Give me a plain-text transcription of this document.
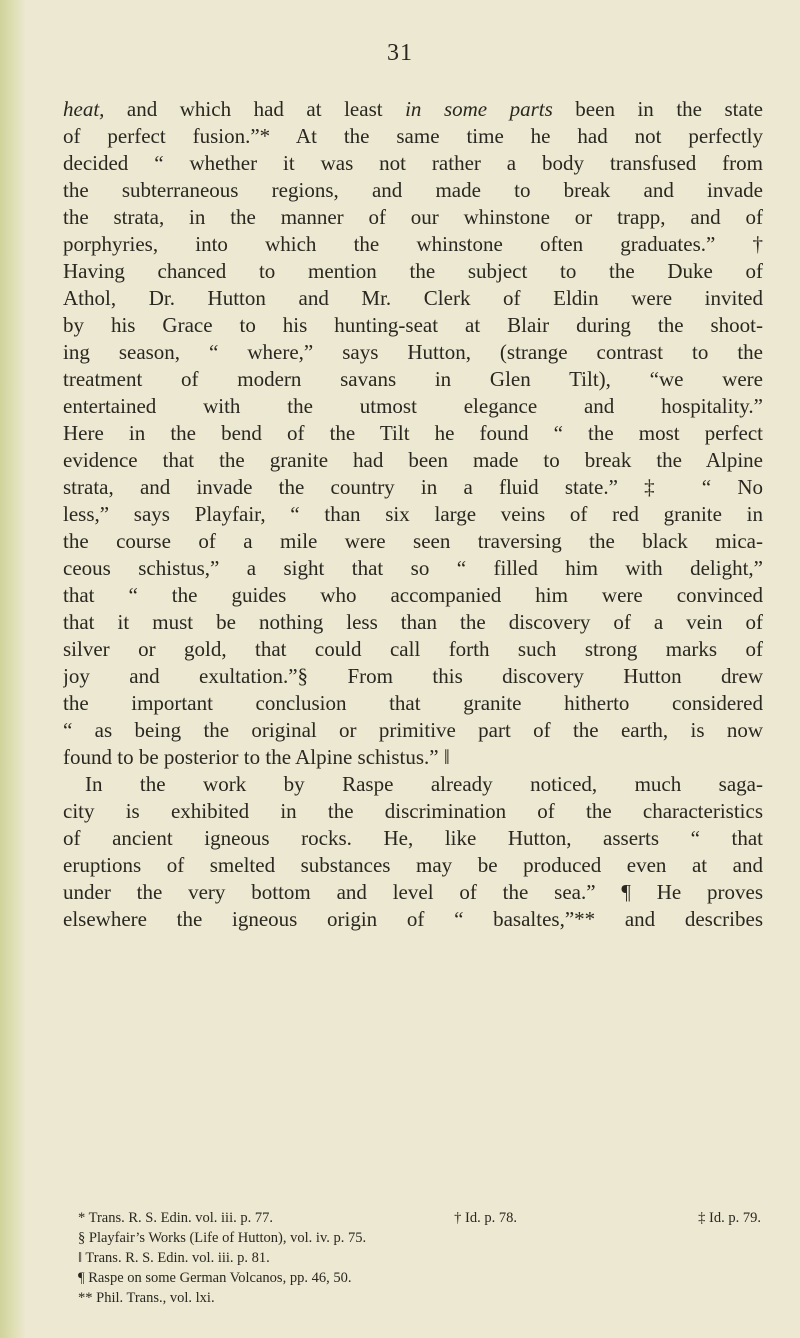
31
heat, and which had at least in some parts been in the state
of perfect fusion.”* At the same time he had not perfectly
decided “ whether it was not rather a body transfused from
the subterraneous regions, and made to break and invade
the strata, in the manner of our whinstone or trapp, and of
porphyries, into which the whinstone often graduates.” †
Having chanced to mention the subject to the Duke of
Athol, Dr. Hutton and Mr. Clerk of Eldin were invited
by his Grace to his hunting-seat at Blair during the shoot-
ing season, “ where,” says Hutton, (strange contrast to the
treatment of modern savans in Glen Tilt), “we were
entertained with the utmost elegance and hospitality.”
Here in the bend of the Tilt he found “ the most perfect
evidence that the granite had been made to break the Alpine
strata, and invade the country in a fluid state.” ‡ “ No
less,” says Playfair, “ than six large veins of red granite in
the course of a mile were seen traversing the black mica-
ceous schistus,” a sight that so “ filled him with delight,”
that “ the guides who accompanied him were convinced
that it must be nothing less than the discovery of a vein of
silver or gold, that could call forth such strong marks of
joy and exultation.”§ From this discovery Hutton drew
the important conclusion that granite hitherto considered
“ as being the original or primitive part of the earth, is now
found to be posterior to the Alpine schistus.” ‖
In the work by Raspe already noticed, much saga-
city is exhibited in the discrimination of the characteristics
of ancient igneous rocks. He, like Hutton, asserts “ that
eruptions of smelted substances may be produced even at and
under the very bottom and level of the sea.” ¶ He proves
elsewhere the igneous origin of “ basaltes,”** and describes
* Trans. R. S. Edin. vol. iii. p. 77.	† Id. p. 78.	‡ Id. p. 79.
§ Playfair’s Works (Life of Hutton), vol. iv. p. 75.
‖ Trans. R. S. Edin. vol. iii. p. 81.
¶ Raspe on some German Volcanos, pp. 46, 50.
** Phil. Trans., vol. lxi.
